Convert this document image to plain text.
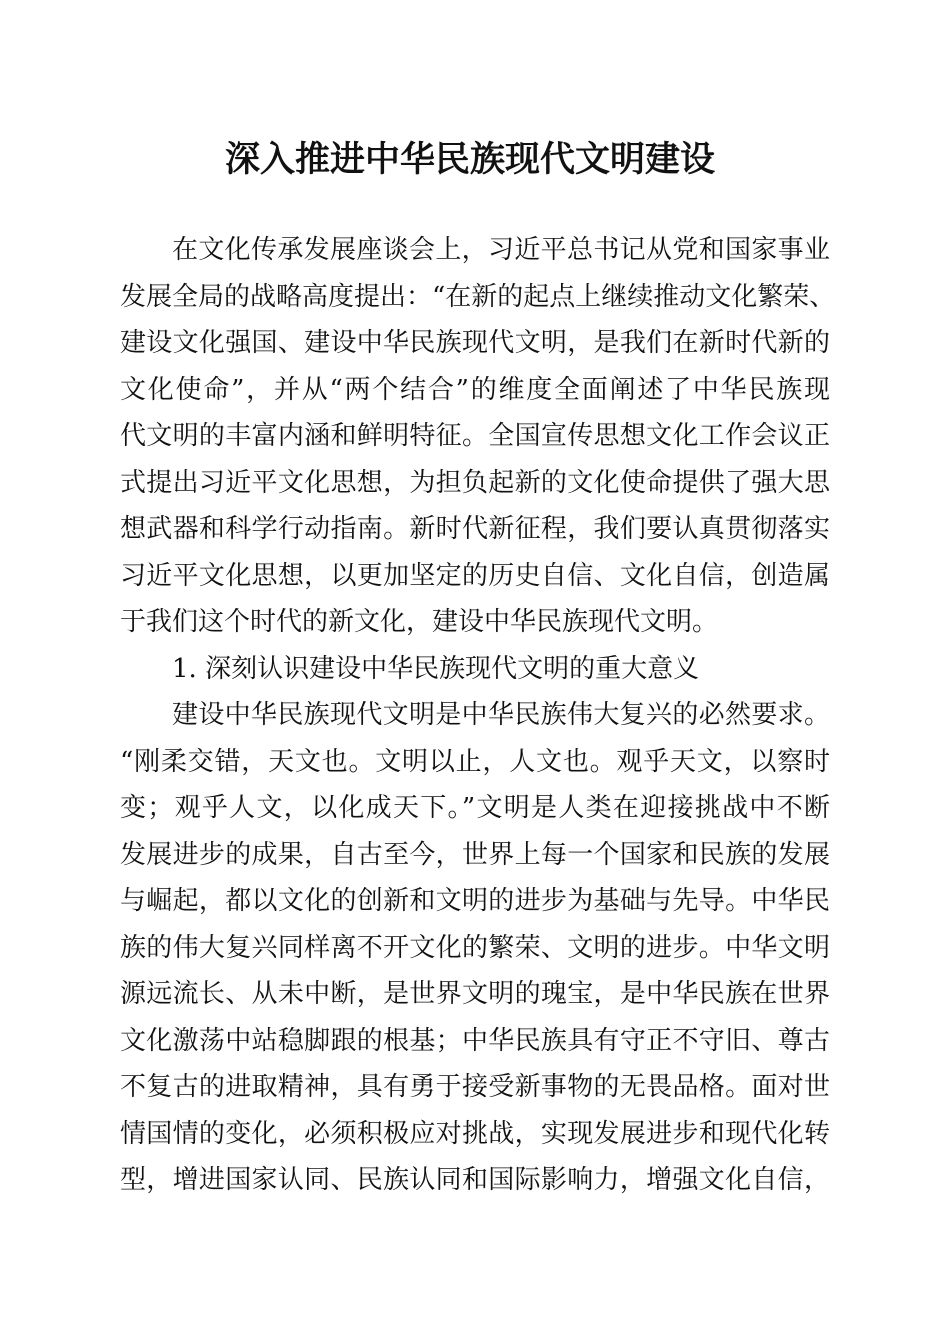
深入推进中华民族现代文明建设
在文化传承发展座谈会上，习近平总书记从党和国家事业
发展全局的战略高度提出：“在新的起点上继续推动文化繁荣、
建设文化强国、建设中华民族现代文明，是我们在新时代新的
文化使命”，并从“两个结合”的维度全面阐述了中华民族现
代文明的丰富内涵和鲜明特征。全国宣传思想文化工作会议正
式提出习近平文化思想，为担负起新的文化使命提供了强大思
想武器和科学行动指南。新时代新征程，我们要认真贯彻落实
习近平文化思想，以更加坚定的历史自信、文化自信，创造属
于我们这个时代的新文化，建设中华民族现代文明。
1. 深刻认识建设中华民族现代文明的重大意义
建设中华民族现代文明是中华民族伟大复兴的必然要求。
“刚柔交错，天文也。文明以止，人文也。观乎天文，以察时
变；观乎人文，以化成天下。”文明是人类在迎接挑战中不断
发展进步的成果，自古至今，世界上每一个国家和民族的发展
与崛起，都以文化的创新和文明的进步为基础与先导。中华民
族的伟大复兴同样离不开文化的繁荣、文明的进步。中华文明
源远流长、从未中断，是世界文明的瑰宝，是中华民族在世界
文化激荡中站稳脚跟的根基；中华民族具有守正不守旧、尊古
不复古的进取精神，具有勇于接受新事物的无畏品格。面对世
情国情的变化，必须积极应对挑战，实现发展进步和现代化转
型，增进国家认同、民族认同和国际影响力，增强文化自信，
